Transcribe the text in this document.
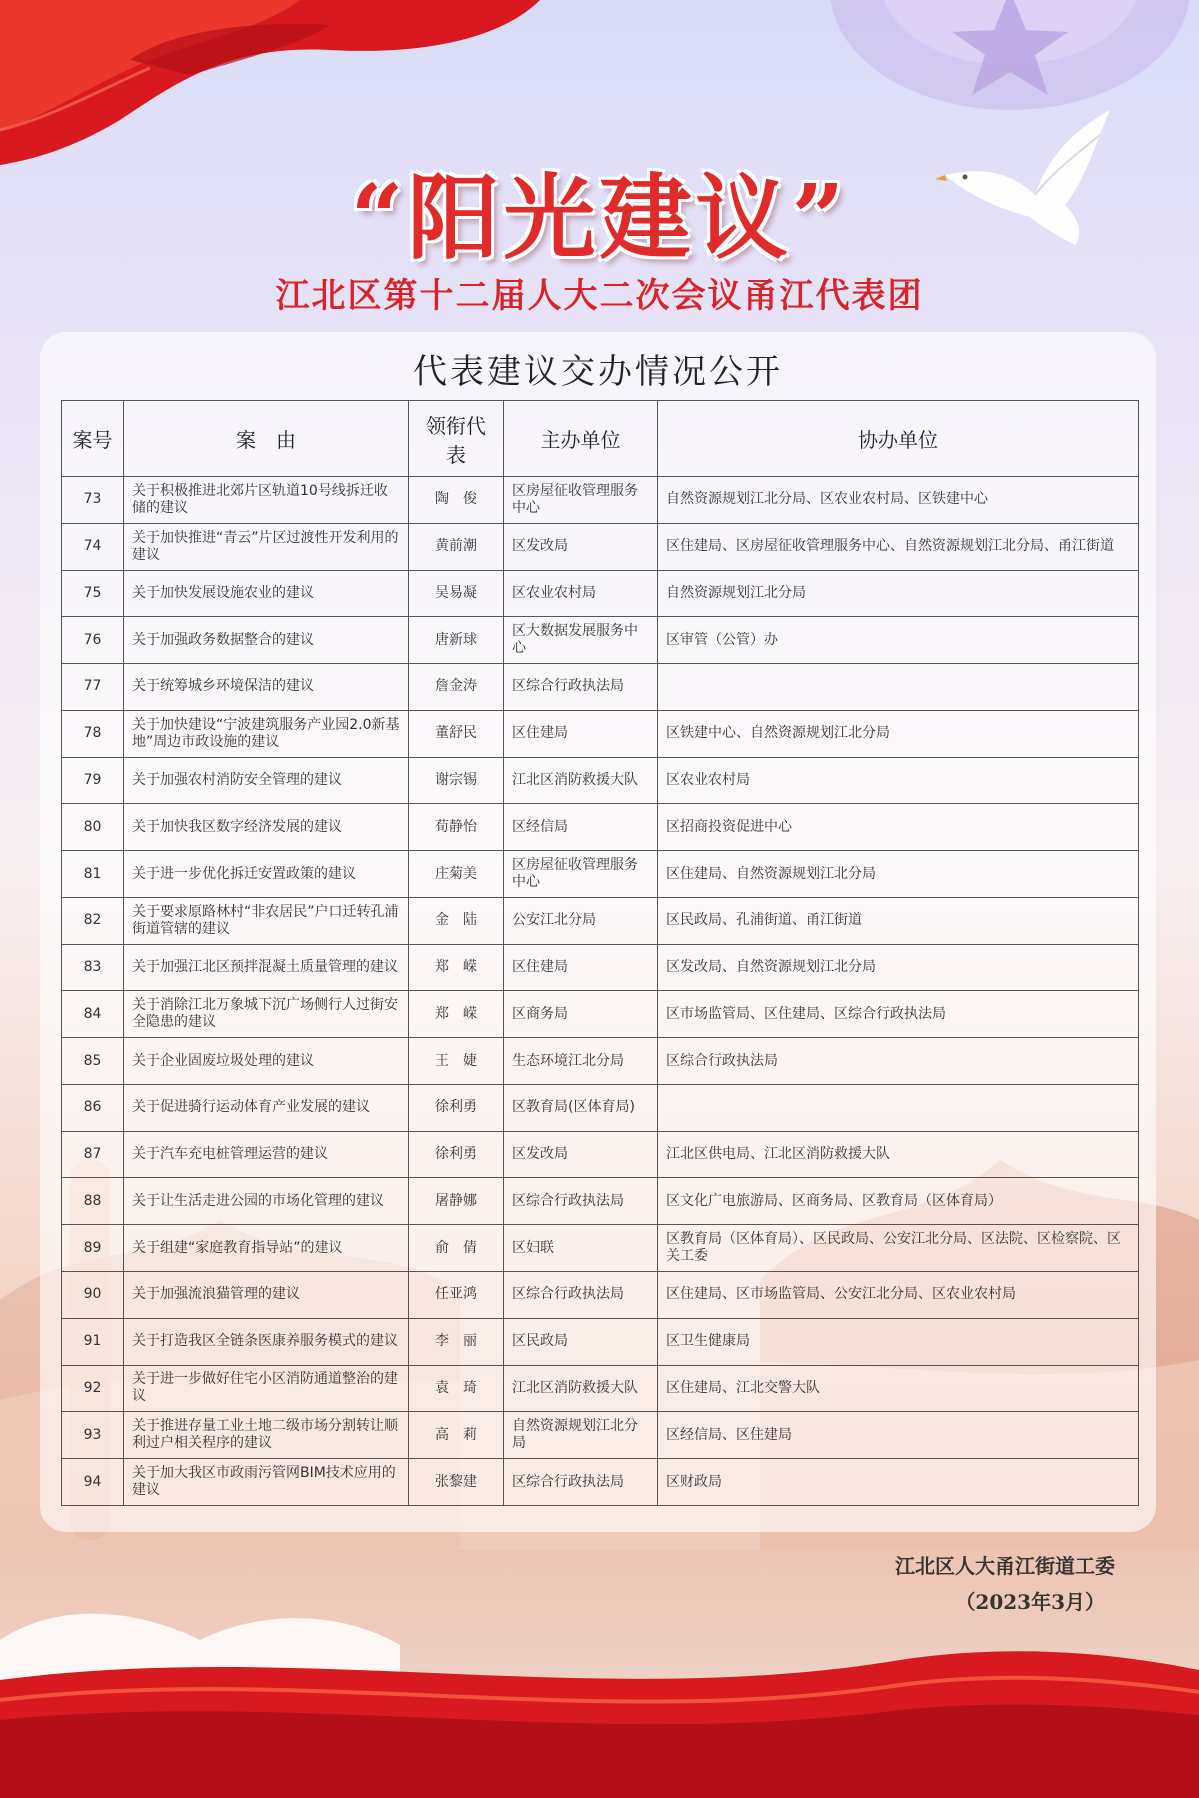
“阳光建议”
江北区第十二届人大二次会议甬江代表团
代表建议交办情况公开
案号	案　由	领衔代表	主办单位	协办单位
73	关于积极推进北郊片区轨道10号线拆迁收储的建议	陶　俊	区房屋征收管理服务中心	自然资源规划江北分局、区农业农村局、区铁建中心
74	关于加快推进“青云”片区过渡性开发利用的建议	黄前潮	区发改局	区住建局、区房屋征收管理服务中心、自然资源规划江北分局、甬江街道
75	关于加快发展设施农业的建议	吴易凝	区农业农村局	自然资源规划江北分局
76	关于加强政务数据整合的建议	唐新球	区大数据发展服务中心	区审管（公管）办
77	关于统筹城乡环境保洁的建议	詹金涛	区综合行政执法局	
78	关于加快建设“宁波建筑服务产业园2.0新基地”周边市政设施的建议	董舒民	区住建局	区铁建中心、自然资源规划江北分局
79	关于加强农村消防安全管理的建议	谢宗锡	江北区消防救援大队	区农业农村局
80	关于加快我区数字经济发展的建议	荀静怡	区经信局	区招商投资促进中心
81	关于进一步优化拆迁安置政策的建议	庄菊美	区房屋征收管理服务中心	区住建局、自然资源规划江北分局
82	关于要求原路林村“非农居民”户口迁转孔浦街道管辖的建议	金　陆	公安江北分局	区民政局、孔浦街道、甬江街道
83	关于加强江北区预拌混凝土质量管理的建议	郑　嵘	区住建局	区发改局、自然资源规划江北分局
84	关于消除江北万象城下沉广场侧行人过街安全隐患的建议	郑　嵘	区商务局	区市场监管局、区住建局、区综合行政执法局
85	关于企业固废垃圾处理的建议	王　婕	生态环境江北分局	区综合行政执法局
86	关于促进骑行运动体育产业发展的建议	徐利勇	区教育局(区体育局)	
87	关于汽车充电桩管理运营的建议	徐利勇	区发改局	江北区供电局、江北区消防救援大队
88	关于让生活走进公园的市场化管理的建议	屠静娜	区综合行政执法局	区文化广电旅游局、区商务局、区教育局（区体育局）
89	关于组建“家庭教育指导站”的建议	俞　倩	区妇联	区教育局（区体育局）、区民政局、公安江北分局、区法院、区检察院、区关工委
90	关于加强流浪猫管理的建议	任亚鸿	区综合行政执法局	区住建局、区市场监管局、公安江北分局、区农业农村局
91	关于打造我区全链条医康养服务模式的建议	李　丽	区民政局	区卫生健康局
92	关于进一步做好住宅小区消防通道整治的建议	袁　琦	江北区消防救援大队	区住建局、江北交警大队
93	关于推进存量工业土地二级市场分割转让顺利过户相关程序的建议	高　莉	自然资源规划江北分局	区经信局、区住建局
94	关于加大我区市政雨污管网BIM技术应用的建议	张黎建	区综合行政执法局	区财政局
江北区人大甬江街道工委
（2023年3月）
